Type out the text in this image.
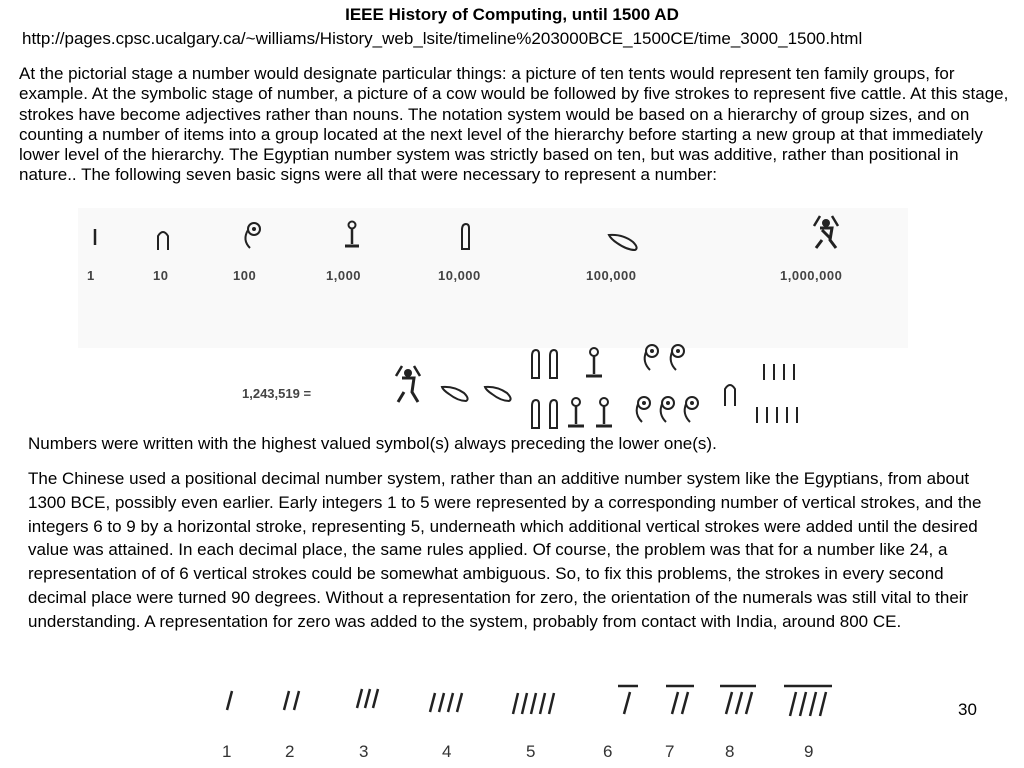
IEEE History of Computing, until 1500 AD
http://pages.cpsc.ucalgary.ca/~williams/History_web_lsite/timeline%203000BCE_1500CE/time_3000_1500.html
At the pictorial stage a number would designate particular things: a picture of ten tents would represent ten family groups, for example. At the symbolic stage of number, a picture of a cow would be followed by five strokes to represent five cattle. At this stage, strokes have become adjectives rather than nouns. The notation system would be based on a hierarchy of group sizes, and on counting a number of items into a group located at the next level of the hierarchy before starting a new group at that immediately lower level of the hierarchy. The Egyptian number system was strictly based on ten, but was additive, rather than positional in nature.. The following seven basic signs were all that were necessary to represent a number:
1	10	100	1,000	10,000	100,000	1,000,000
1,243,519 =
Numbers were written with the highest valued symbol(s) always preceding the lower one(s).
The Chinese used a positional decimal number system, rather than an additive number system like the Egyptians, from about 1300 BCE, possibly even earlier. Early integers 1 to 5 were represented by a corresponding number of vertical strokes, and the integers 6 to 9 by a horizontal stroke, representing 5, underneath which additional vertical strokes were added until the desired value was attained. In each decimal place, the same rules applied. Of course, the problem was that for a number like 24, a representation of of 6 vertical strokes could be somewhat ambiguous. So, to fix this problems, the strokes in every second decimal place were turned 90 degrees. Without a representation for zero, the orientation of the numerals was still vital to their understanding. A representation for zero was added to the system, probably from contact with India, around 800 CE.
1	2	3	4	5	6	7	8	9
30
